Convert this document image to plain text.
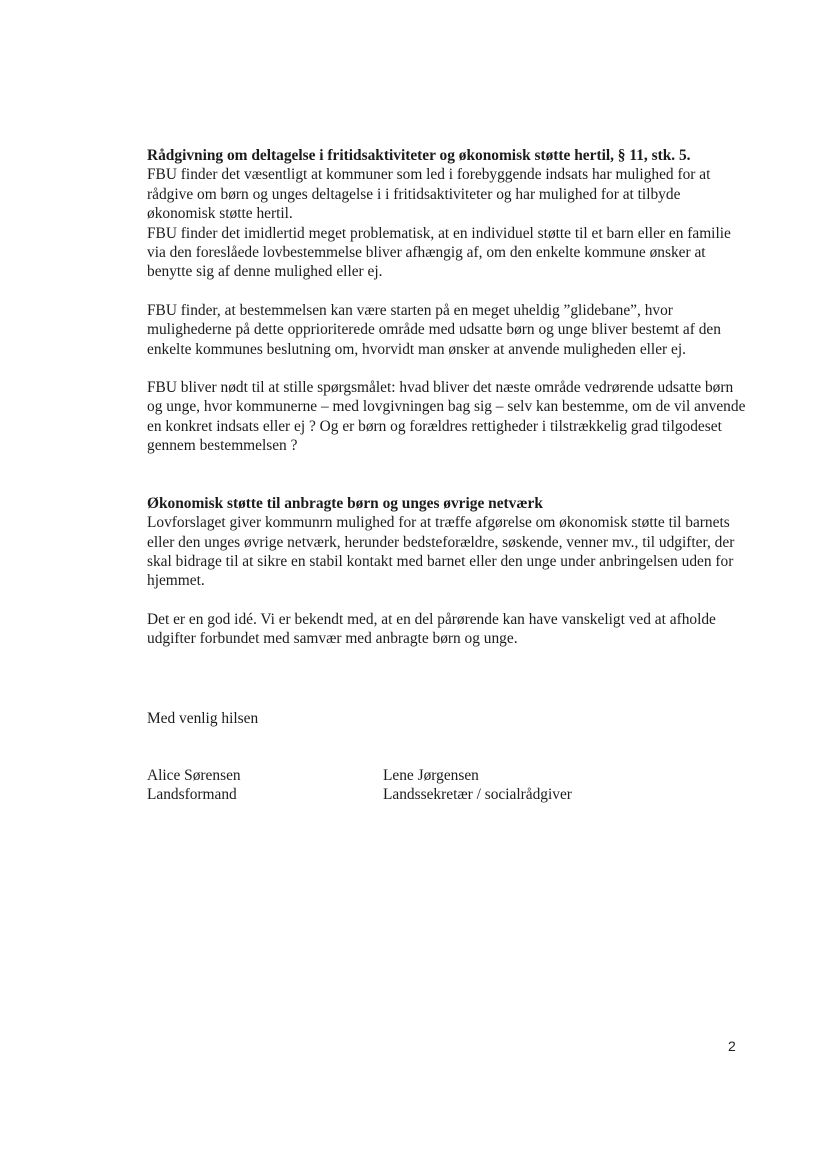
Rådgivning om deltagelse i fritidsaktiviteter og økonomisk støtte hertil, § 11, stk. 5.

FBU finder det væsentligt at kommuner som led i forebyggende indsats har mulighed for at rådgive om børn og unges deltagelse i i fritidsaktiviteter og har mulighed for at tilbyde økonomisk støtte hertil.

FBU finder det imidlertid meget problematisk, at en individuel støtte til et barn eller en familie via den foreslåede lovbestemmelse bliver afhængig af, om den enkelte kommune ønsker at benytte sig af denne mulighed eller ej.

FBU finder, at bestemmelsen kan være starten på en meget uheldig ”glidebane”, hvor mulighederne på dette opprioriterede område med udsatte børn og unge bliver bestemt af den enkelte kommunes beslutning om, hvorvidt man ønsker at anvende muligheden eller ej.

FBU bliver nødt til at stille spørgsmålet: hvad bliver det næste område vedrørende udsatte børn og unge, hvor kommunerne – med lovgivningen bag sig – selv kan bestemme, om de vil anvende en konkret indsats eller ej ? Og er børn og forældres rettigheder i tilstrækkelig grad tilgodeset gennem bestemmelsen ?

Økonomisk støtte til anbragte børn og unges øvrige netværk

Lovforslaget giver kommunrn mulighed for at træffe afgørelse om økonomisk støtte til barnets eller den unges øvrige netværk, herunder bedsteforældre, søskende, venner mv., til udgifter, der skal bidrage til at sikre en stabil kontakt med barnet eller den unge under anbringelsen uden for hjemmet.

Det er en god idé. Vi er bekendt med, at en del pårørende kan have vanskeligt ved at afholde udgifter forbundet med samvær med anbragte børn og unge.

Med venlig hilsen

Alice Sørensen

Landsformand

Lene Jørgensen

Landssekretær / socialrådgiver

2
